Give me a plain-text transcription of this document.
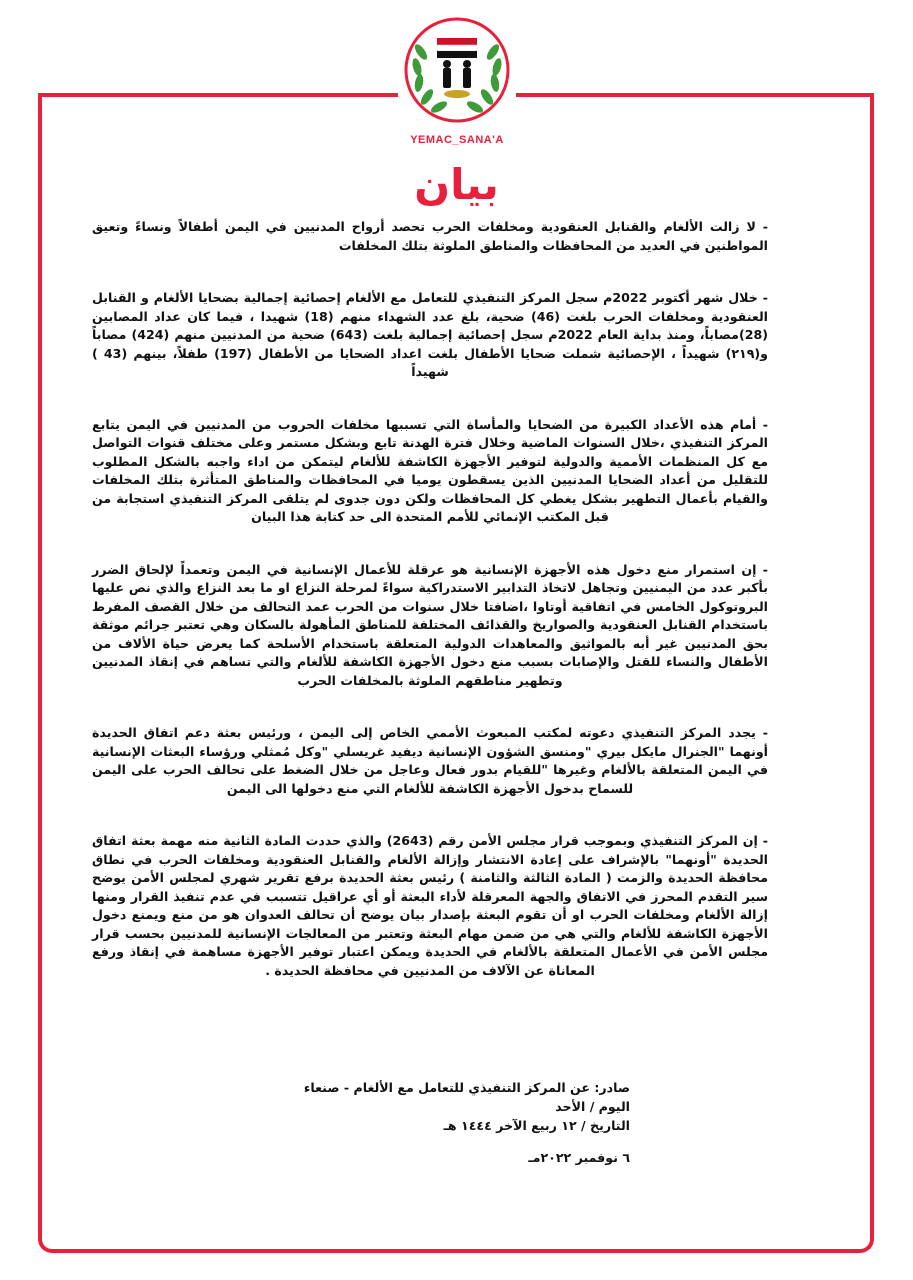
YEMAC_SANA'A
بيان

- لا زالت الألغام والقنابل العنقودية ومخلفات الحرب تحصد أرواح المدنيين في اليمن أطفالاً ونساءً وتعيق المواطنين في العديد من المحافظات والمناطق الملوثة بتلك المخلفات

- خلال شهر أكتوبر 2022م سجل المركز التنفيذي للتعامل مع الألغام إحصائية إجمالية بضحايا الألغام و القنابل العنقودية ومخلفات الحرب بلغت (46) ضحية، بلغ عدد الشهداء منهم (18) شهيدا ، فيما كان عداد المصابين (28)مصاباً، ومنذ بداية العام 2022م سجل إحصائية إجمالية بلغت (643) ضحية من المدنيين منهم (424) مصاباً و(٢١٩) شهيداً ، الإحصائية شملت ضحايا الأطفال بلغت اعداد الضحايا من الأطفال (197) طفلاً، بينهم (43 ) شهيداً

- أمام هذه الأعداد الكبيرة من الضحايا والمأساة التي تسببها مخلفات الحروب من المدنيين في اليمن يتابع المركز التنفيذي ،خلال السنوات الماضية وخلال فترة الهدنة تابع وبشكل مستمر وعلى مختلف قنوات التواصل مع كل المنظمات الأممية والدولية لتوفير الأجهزة الكاشفة للألغام ليتمكن من اداء واجبه بالشكل المطلوب للتقليل من أعداد الضحايا المدنيين الذين يسقطون يوميا في المحافظات والمناطق المتأثرة بتلك المخلفات والقيام بأعمال التطهير بشكل يغطي كل المحافظات ولكن دون جدوى لم يتلقى المركز التنفيذي استجابة من قبل المكتب الإنمائي للأمم المتحدة الى حد كتابة هذا البيان

- إن استمرار منع دخول هذه الأجهزة الإنسانية هو عرقلة للأعمال الإنسانية في اليمن وتعمداً لإلحاق الضرر بأكبر عدد من اليمنيين وتجاهل لاتخاذ التدابير الاستدراكية سواءً لمرحلة النزاع او ما بعد النزاع والذي نص عليها البروتوكول الخامس في اتفاقية أوتاوا ،اضافتا خلال سنوات من الحرب عمد التحالف من خلال القصف المفرط باستخدام القنابل العنقودية والصواريخ والقذائف المختلفة للمناطق المأهولة بالسكان وهي تعتبر جرائم موثقة بحق المدنيين غير أبه بالمواثيق والمعاهدات الدولية المتعلقة باستخدام الأسلحة كما يعرض حياة الألاف من الأطفال والنساء للقتل والإصابات بسبب منع دخول الأجهزة الكاشفة للألغام والتي تساهم في إنقاذ المدنيين وتطهير مناطقهم الملوثة بالمخلفات الحرب

- يجدد المركز التنفيذي دعوته لمكتب المبعوث الأممي الخاص إلى اليمن ، ورئيس بعثة دعم اتفاق الحديدة أونهما "الجنرال مايكل بيري "ومنسق الشؤون الإنسانية ديفيد غريسلي "وكل مُمثلي ورؤساء البعثات الإنسانية في اليمن المتعلقة بالألغام وغيرها "للقيام بدور فعال وعاجل من خلال الضغط على تحالف الحرب على اليمن للسماح بدخول الأجهزة الكاشفة للألغام التي منع دخولها الى اليمن

- إن المركز التنفيذي وبموجب قرار مجلس الأمن رقم (2643) والذي حددت المادة الثانية منه مهمة بعثة اتفاق الحديدة "أونهما" بالإشراف على إعادة الانتشار وإزالة الألغام والقنابل العنقودية ومخلفات الحرب في نطاق محافظة الحديدة والزمت ( المادة الثالثة والثامنة ) رئيس بعثة الحديدة برفع تقرير شهري لمجلس الأمن يوضح سير التقدم المحرز في الاتفاق والجهة المعرقلة لأداء البعثة أو أي عراقيل تتسبب في عدم تنفيذ القرار ومنها إزالة الألغام ومخلفات الحرب او أن تقوم البعثة بإصدار بيان يوضح أن تحالف العدوان هو من منع ويمنع دخول الأجهزة الكاشفة للألغام والتي هي من ضمن مهام البعثة وتعتبر من المعالجات الإنسانية للمدنيين بحسب قرار مجلس الأمن في الأعمال المتعلقة بالألغام في الحديدة ويمكن اعتبار توفير الأجهزة مساهمة في إنقاذ ورفع المعاناة عن الآلاف من المدنيين في محافظة الحديدة .

صادر: عن المركز التنفيذي للتعامل مع الألغام - صنعاء
اليوم / الأحد
التاريخ / ١٢ ربيع الآخر ١٤٤٤ هـ
٦ نوفمبر ٢٠٢٢مـ
